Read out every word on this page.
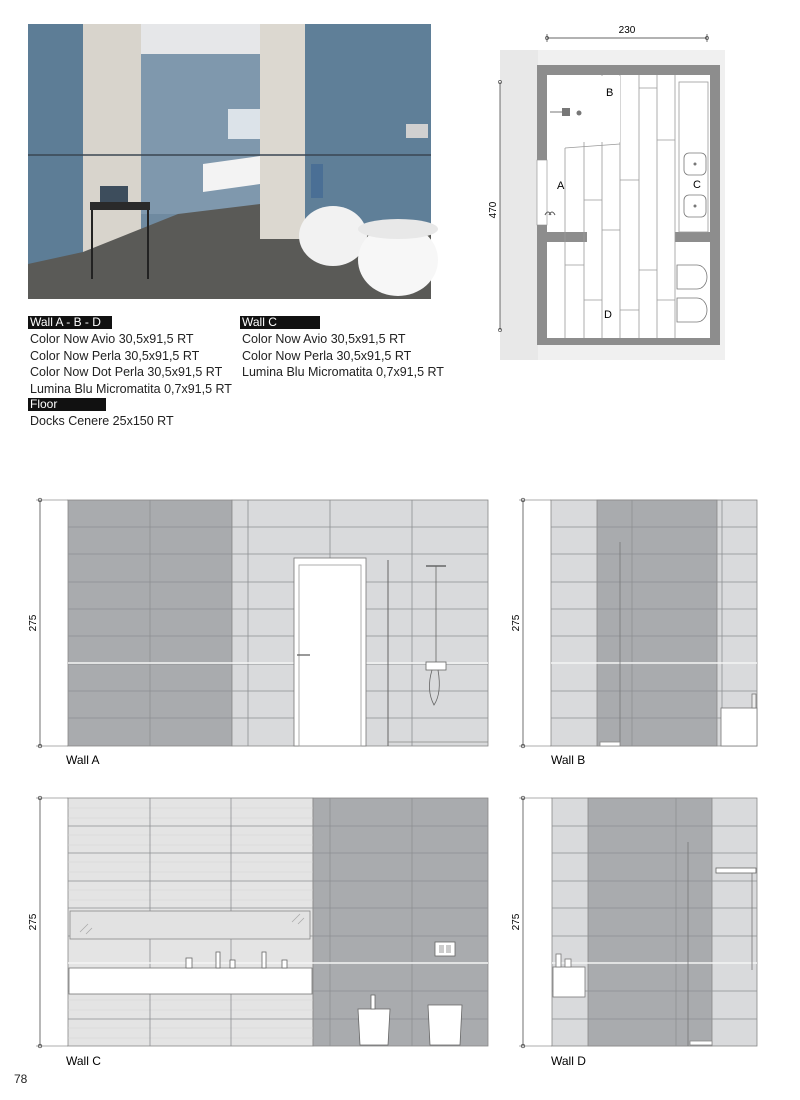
Wall A - B - D
Color Now Avio 30,5x91,5 RT
Color Now Perla 30,5x91,5 RT
Color Now Dot Perla 30,5x91,5 RT
Lumina Blu Micromatita 0,7x91,5 RT
Floor
Docks Cenere 25x150 RT
Wall C
Color Now Avio 30,5x91,5 RT
Color Now Perla 30,5x91,5 RT
Lumina Blu Micromatita 0,7x91,5 RT
230
470
A
B
C
D
275	275
275	275
Wall A	Wall B
Wall C	Wall D
78
